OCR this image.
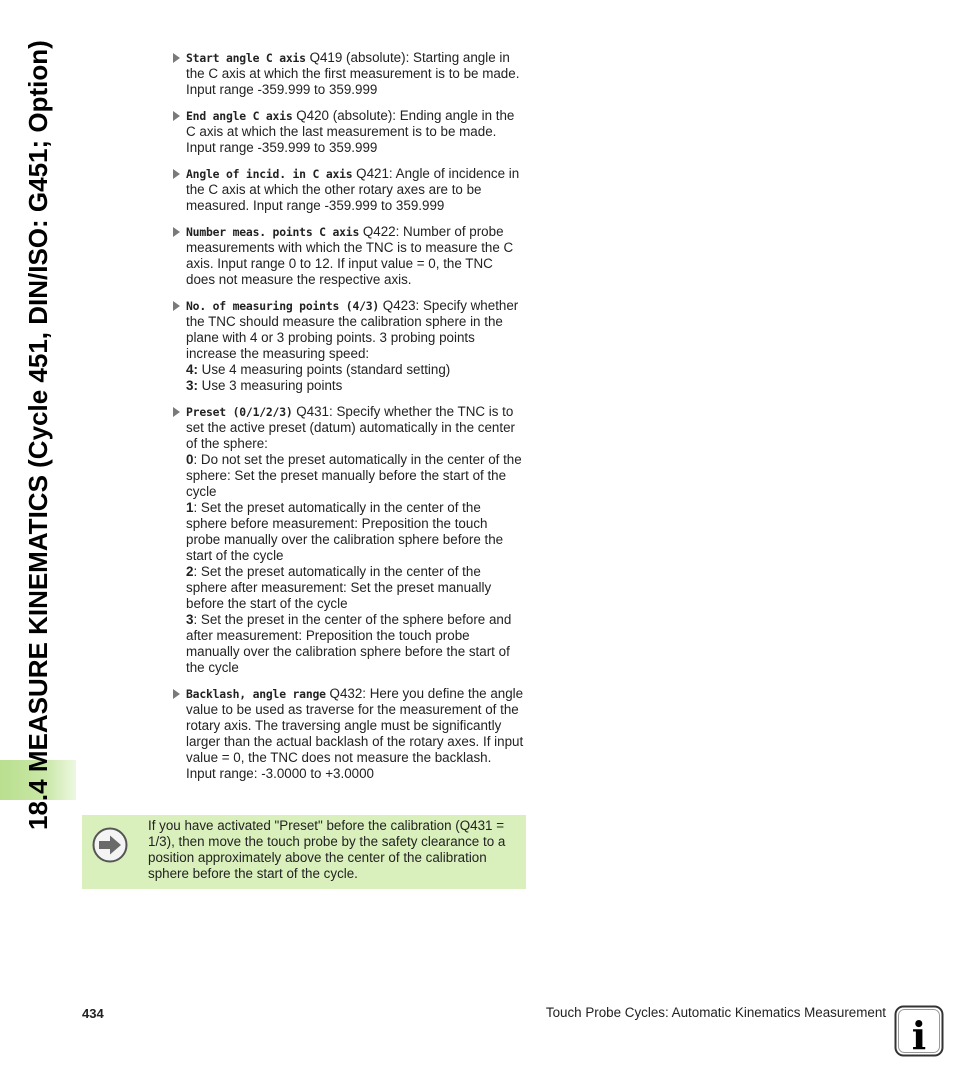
18.4 MEASURE KINEMATICS (Cycle 451, DIN/ISO: G451; Option)	Start angle C axis Q419 (absolute): Starting angle in the C axis at which the first measurement is to be made. Input range -359.999 to 359.999
End angle C axis Q420 (absolute): Ending angle in the C axis at which the last measurement is to be made. Input range -359.999 to 359.999
Angle of incid. in C axis Q421: Angle of incidence in the C axis at which the other rotary axes are to be measured. Input range -359.999 to 359.999
Number meas. points C axis Q422: Number of probe measurements with which the TNC is to measure the C axis. Input range 0 to 12. If input value = 0, the TNC does not measure the respective axis.
No. of measuring points (4/3) Q423: Specify whether the TNC should measure the calibration sphere in the plane with 4 or 3 probing points. 3 probing points increase the measuring speed:
4: Use 4 measuring points (standard setting)
3: Use 3 measuring points
Preset (0/1/2/3) Q431: Specify whether the TNC is to set the active preset (datum) automatically in the center of the sphere:
0: Do not set the preset automatically in the center of the sphere: Set the preset manually before the start of the cycle
1: Set the preset automatically in the center of the sphere before measurement: Preposition the touch probe manually over the calibration sphere before the start of the cycle
2: Set the preset automatically in the center of the sphere after measurement: Set the preset manually before the start of the cycle
3: Set the preset in the center of the sphere before and after measurement: Preposition the touch probe manually over the calibration sphere before the start of the cycle
Backlash, angle range Q432: Here you define the angle value to be used as traverse for the measurement of the rotary axis. The traversing angle must be significantly larger than the actual backlash of the rotary axes. If input value = 0, the TNC does not measure the backlash. Input range: -3.0000 to +3.0000
If you have activated "Preset" before the calibration (Q431 = 1/3), then move the touch probe by the safety clearance to a position approximately above the center of the calibration sphere before the start of the cycle.
434	Touch Probe Cycles: Automatic Kinematics Measurement
i
